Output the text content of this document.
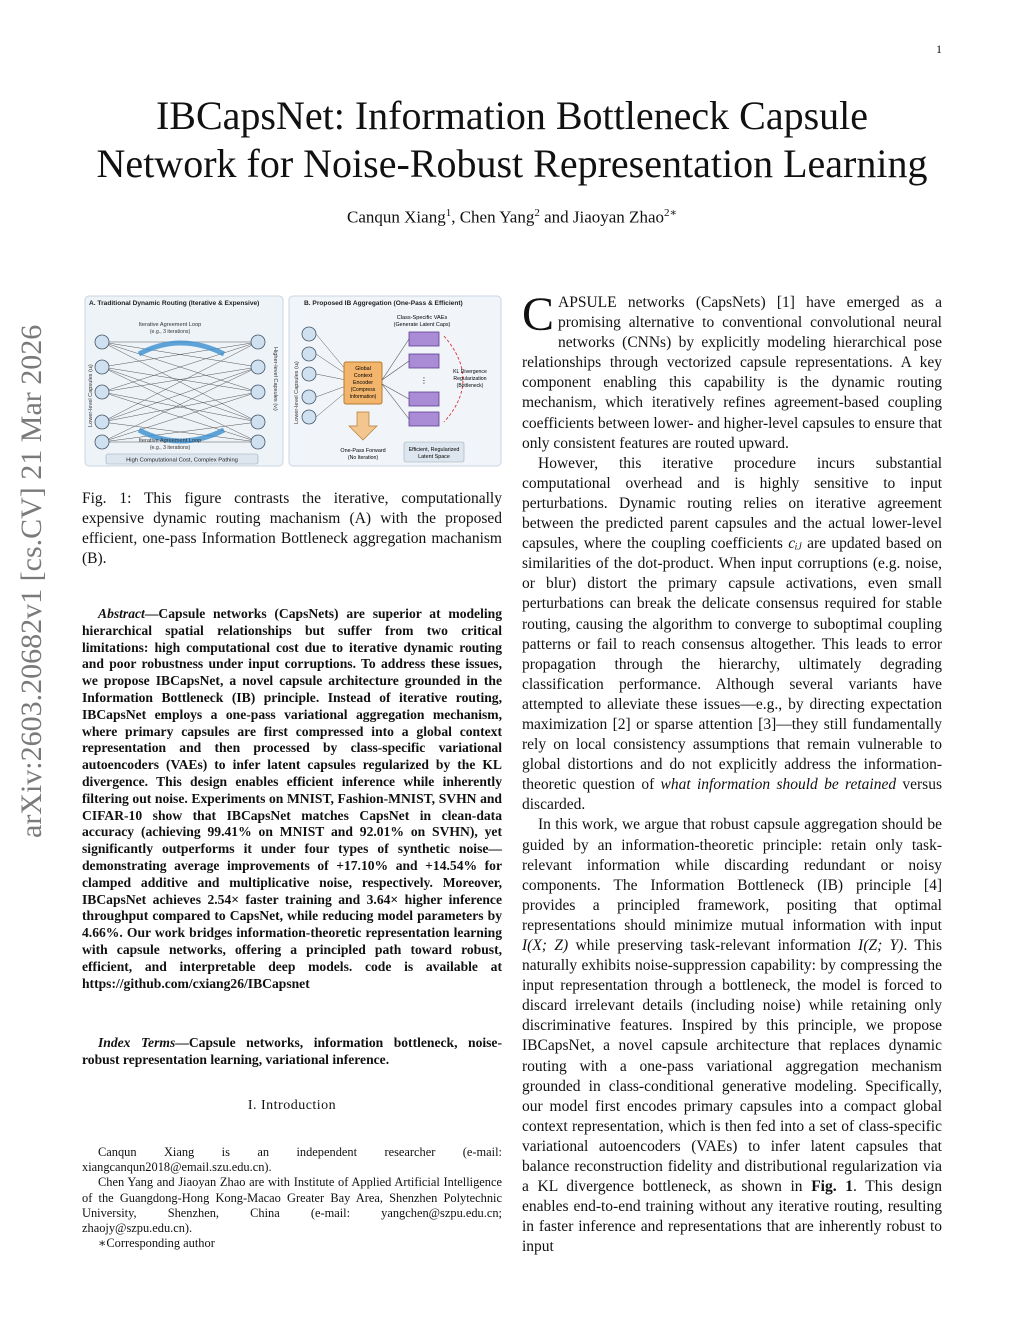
1
IBCapsNet: Information Bottleneck Capsule
Network for Noise-Robust Representation Learning
Canqun Xiang$^1$, Chen Yang$^2$ and Jiaoyan Zhao$^{2∗}$
arXiv:2603.20682v1 [cs.CV] 21 Mar 2026
A. Traditional Dynamic Routing (Iterative & Expensive)
Iterative Agreement Loop
(e.g., 3 iterations)
Lower-level Capsules (uᵢ)	Higher-level Capsules (vⱼ)
Iterative Agreement Loop
(e.g., 3 iterations)
High Computational Cost, Complex Pathing
B. Proposed IB Aggregation (One-Pass & Efficient)
Lower-level Capsules (uᵢ)	Global
Context
Encoder
(Compress
Information)
Class-Specific VAEs
(Generate Latent Caps)
⋮
KL Divergence
Regularization
(Bottleneck)
One-Pass Forward
(No Iteration)
Efficient, Regularized
Latent Space
Fig. 1: This figure contrasts the iterative, computationally expensive dynamic routing machanism (A) with the proposed efficient, one-pass Information Bottleneck aggregation machanism (B).
Abstract—Capsule networks (CapsNets) are superior at modeling hierarchical spatial relationships but suffer from two critical limitations: high computational cost due to iterative dynamic routing and poor robustness under input corruptions. To address these issues, we propose IBCapsNet, a novel capsule architecture grounded in the Information Bottleneck (IB) principle. Instead of iterative routing, IBCapsNet employs a one-pass variational aggregation mechanism, where primary capsules are first compressed into a global context representation and then processed by class-specific variational autoencoders (VAEs) to infer latent capsules regularized by the KL divergence. This design enables efficient inference while inherently filtering out noise. Experiments on MNIST, Fashion-MNIST, SVHN and CIFAR-10 show that IBCapsNet matches CapsNet in clean-data accuracy (achieving 99.41% on MNIST and 92.01% on SVHN), yet significantly outperforms it under four types of synthetic noise—demonstrating average improvements of +17.10% and +14.54% for clamped additive and multiplicative noise, respectively. Moreover, IBCapsNet achieves 2.54× faster training and 3.64× higher inference throughput compared to CapsNet, while reducing model parameters by 4.66%. Our work bridges information-theoretic representation learning with capsule networks, offering a principled path toward robust, efficient, and interpretable deep models. code is available at https://github.com/cxiang26/IBCapsnet
Index Terms—Capsule networks, information bottleneck, noise-robust representation learning, variational inference.
I. Introduction

Canqun Xiang is an independent researcher (e-mail: xiangcanqun2018@email.szu.edu.cn).

Chen Yang and Jiaoyan Zhao are with Institute of Applied Artificial Intelligence of the Guangdong-Hong Kong-Macao Greater Bay Area, Shenzhen Polytechnic University, Shenzhen, China (e-mail: yangchen@szpu.edu.cn; zhaojy@szpu.edu.cn).

∗Corresponding author

CAPSULE networks (CapsNets) [1] have emerged as a promising alternative to conventional convolutional neural networks (CNNs) by explicitly modeling hierarchical pose relationships through vectorized capsule representations. A key component enabling this capability is the dynamic routing mechanism, which iteratively refines agreement-based coupling coefficients between lower- and higher-level capsules to ensure that only consistent features are routed upward.

However, this iterative procedure incurs substantial computational overhead and is highly sensitive to input perturbations. Dynamic routing relies on iterative agreement between the predicted parent capsules and the actual lower-level capsules, where the coupling coefficients cᵢⱼ are updated based on similarities of the dot-product. When input corruptions (e.g. noise, or blur) distort the primary capsule activations, even small perturbations can break the delicate consensus required for stable routing, causing the algorithm to converge to suboptimal coupling patterns or fail to reach consensus altogether. This leads to error propagation through the hierarchy, ultimately degrading classification performance. Although several variants have attempted to alleviate these issues—e.g., by directing expectation maximization [2] or sparse attention [3]—they still fundamentally rely on local consistency assumptions that remain vulnerable to global distortions and do not explicitly address the information-theoretic question of what information should be retained versus discarded.

In this work, we argue that robust capsule aggregation should be guided by an information-theoretic principle: retain only task-relevant information while discarding redundant or noisy components. The Information Bottleneck (IB) principle [4] provides a principled framework, positing that optimal representations should minimize mutual information with input I(X; Z) while preserving task-relevant information I(Z; Y). This naturally exhibits noise-suppression capability: by compressing the input representation through a bottleneck, the model is forced to discard irrelevant details (including noise) while retaining only discriminative features. Inspired by this principle, we propose IBCapsNet, a novel capsule architecture that replaces dynamic routing with a one-pass variational aggregation mechanism grounded in class-conditional generative modeling. Specifically, our model first encodes primary capsules into a compact global context representation, which is then fed into a set of class-specific variational autoencoders (VAEs) to infer latent capsules that balance reconstruction fidelity and distributional regularization via a KL divergence bottleneck, as shown in Fig. 1. This design enables end-to-end training without any iterative routing, resulting in faster inference and representations that are inherently robust to input
